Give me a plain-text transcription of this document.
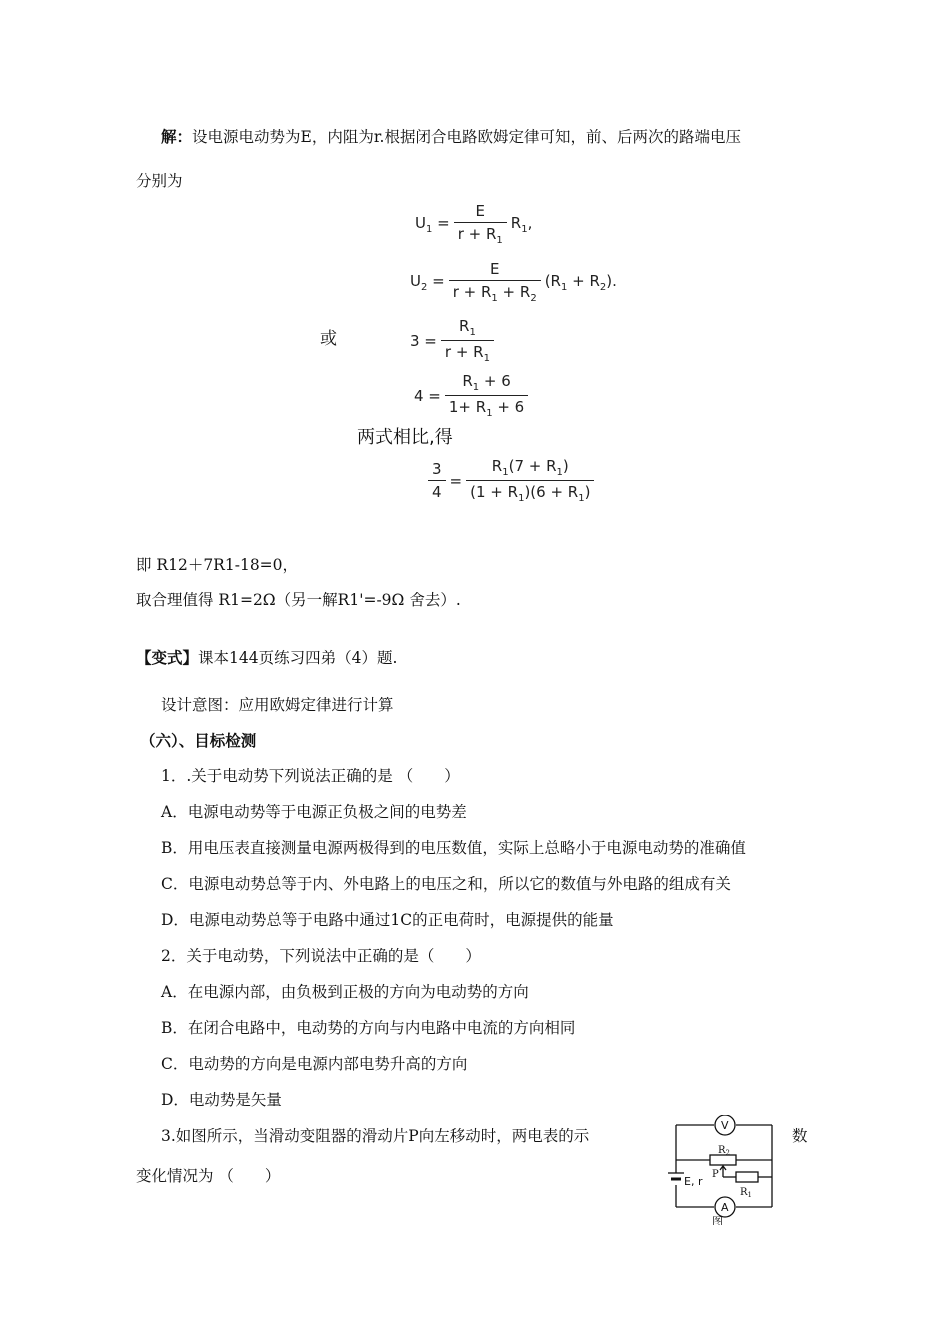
解：设电源电动势为E，内阻为r.根据闭合电路欧姆定律可知，前、后两次的路端电压
分别为
$U_1 = \frac{E}{r + R_1} R_1$,
$U_2 = \frac{E}{r + R_1 + R_2} (R_1 + R_2)$.
或	$3 = \frac{R_1}{r + R_1}$
$4 = \frac{R_1 + 6}{1+ R_1 + 6}$
两式相比,得
$\frac{3}{4} = \frac{R_1(7 + R_1)}{(1 + R_1)(6 + R_1)}$
即 R12＋7R1-18=0，
取合理值得 R1=2Ω（另一解R1'=-9Ω 舍去）.
【变式】课本144页练习四弟（4）题.
设计意图：应用欧姆定律进行计算
（六）、目标检测
1．.关于电动势下列说法正确的是 （　　）
A．电源电动势等于电源正负极之间的电势差
B．用电压表直接测量电源两极得到的电压数值，实际上总略小于电源电动势的准确值
C．电源电动势总等于内、外电路上的电压之和，所以它的数值与外电路的组成有关
D．电源电动势总等于电路中通过1C的正电荷时，电源提供的能量
2．关于电动势，下列说法中正确的是（　　）
A．在电源内部，由负极到正极的方向为电动势的方向
B．在闭合电路中，电动势的方向与内电路中电流的方向相同
C．电动势的方向是电源内部电势升高的方向
D．电动势是矢量
3.如图所示，当滑动变阻器的滑动片P向左移动时，两电表的示	数
变化情况为 （　　）
V
$R_2$
P
E, r
$R_1$
A
图
